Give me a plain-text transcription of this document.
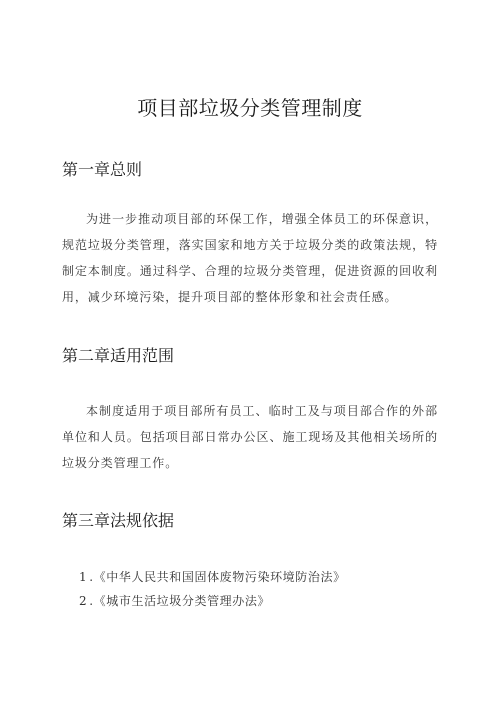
项目部垃圾分类管理制度
第一章总则

为进一步推动项目部的环保工作，增强全体员工的环保意识，规范垃圾分类管理，落实国家和地方关于垃圾分类的政策法规，特制定本制度。通过科学、合理的垃圾分类管理，促进资源的回收利用，减少环境污染，提升项目部的整体形象和社会责任感。

第二章适用范围

本制度适用于项目部所有员工、临时工及与项目部合作的外部单位和人员。包括项目部日常办公区、施工现场及其他相关场所的垃圾分类管理工作。

第三章法规依据
1 .《中华人民共和国固体废物污染环境防治法》
2 .《城市生活垃圾分类管理办法》
